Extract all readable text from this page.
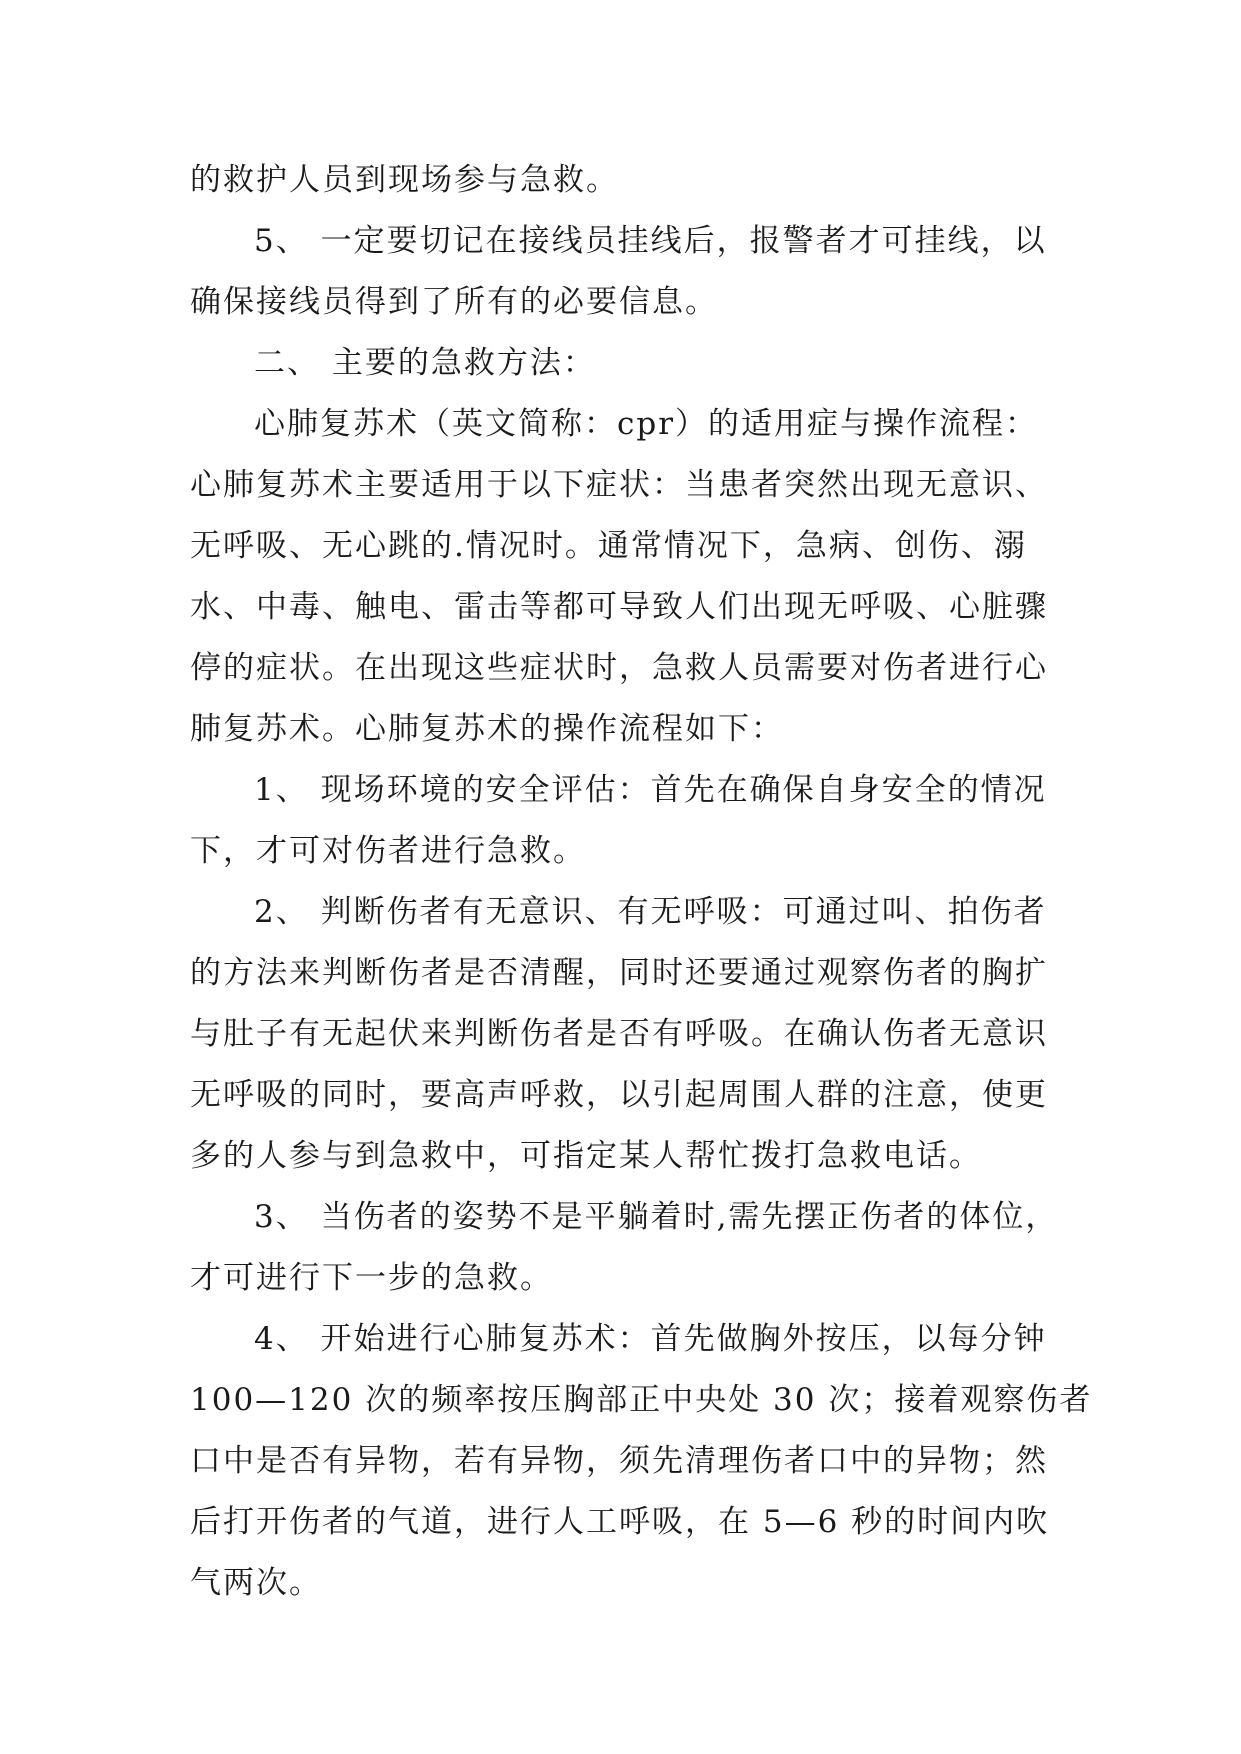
的救护人员到现场参与急救。
5、 一定要切记在接线员挂线后，报警者才可挂线，以
确保接线员得到了所有的必要信息。
二、 主要的急救方法：
心肺复苏术（英文简称：cpr）的适用症与操作流程：
心肺复苏术主要适用于以下症状：当患者突然出现无意识、
无呼吸、无心跳的.情况时。通常情况下，急病、创伤、溺
水、中毒、触电、雷击等都可导致人们出现无呼吸、心脏骤
停的症状。在出现这些症状时，急救人员需要对伤者进行心
肺复苏术。心肺复苏术的操作流程如下：
1、 现场环境的安全评估：首先在确保自身安全的情况
下，才可对伤者进行急救。
2、 判断伤者有无意识、有无呼吸：可通过叫、拍伤者
的方法来判断伤者是否清醒，同时还要通过观察伤者的胸扩
与肚子有无起伏来判断伤者是否有呼吸。在确认伤者无意识
无呼吸的同时，要高声呼救，以引起周围人群的注意，使更
多的人参与到急救中，可指定某人帮忙拨打急救电话。
3、 当伤者的姿势不是平躺着时,需先摆正伤者的体位，
才可进行下一步的急救。
4、 开始进行心肺复苏术：首先做胸外按压，以每分钟
100—120 次的频率按压胸部正中央处 30 次；接着观察伤者
口中是否有异物，若有异物，须先清理伤者口中的异物；然
后打开伤者的气道，进行人工呼吸，在 5—6 秒的时间内吹
气两次。
